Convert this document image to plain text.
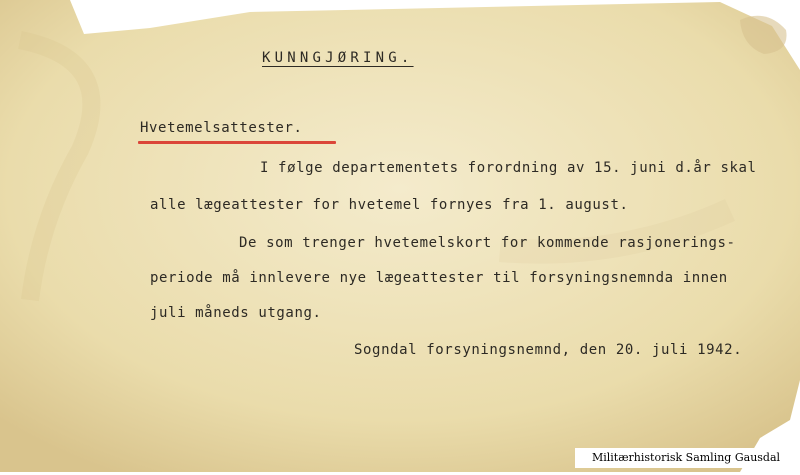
KUNNGJØRING.
Hvetemelsattester.
I følge departementets forordning av 15. juni d.år skal
alle lægeattester for hvetemel fornyes fra 1. august.
De som trenger hvetemelskort for kommende rasjonerings-
periode må innlevere nye lægeattester til forsyningsnemnda innen
juli måneds utgang.
Sogndal forsyningsnemnd, den 20. juli 1942.
Militærhistorisk Samling Gausdal
